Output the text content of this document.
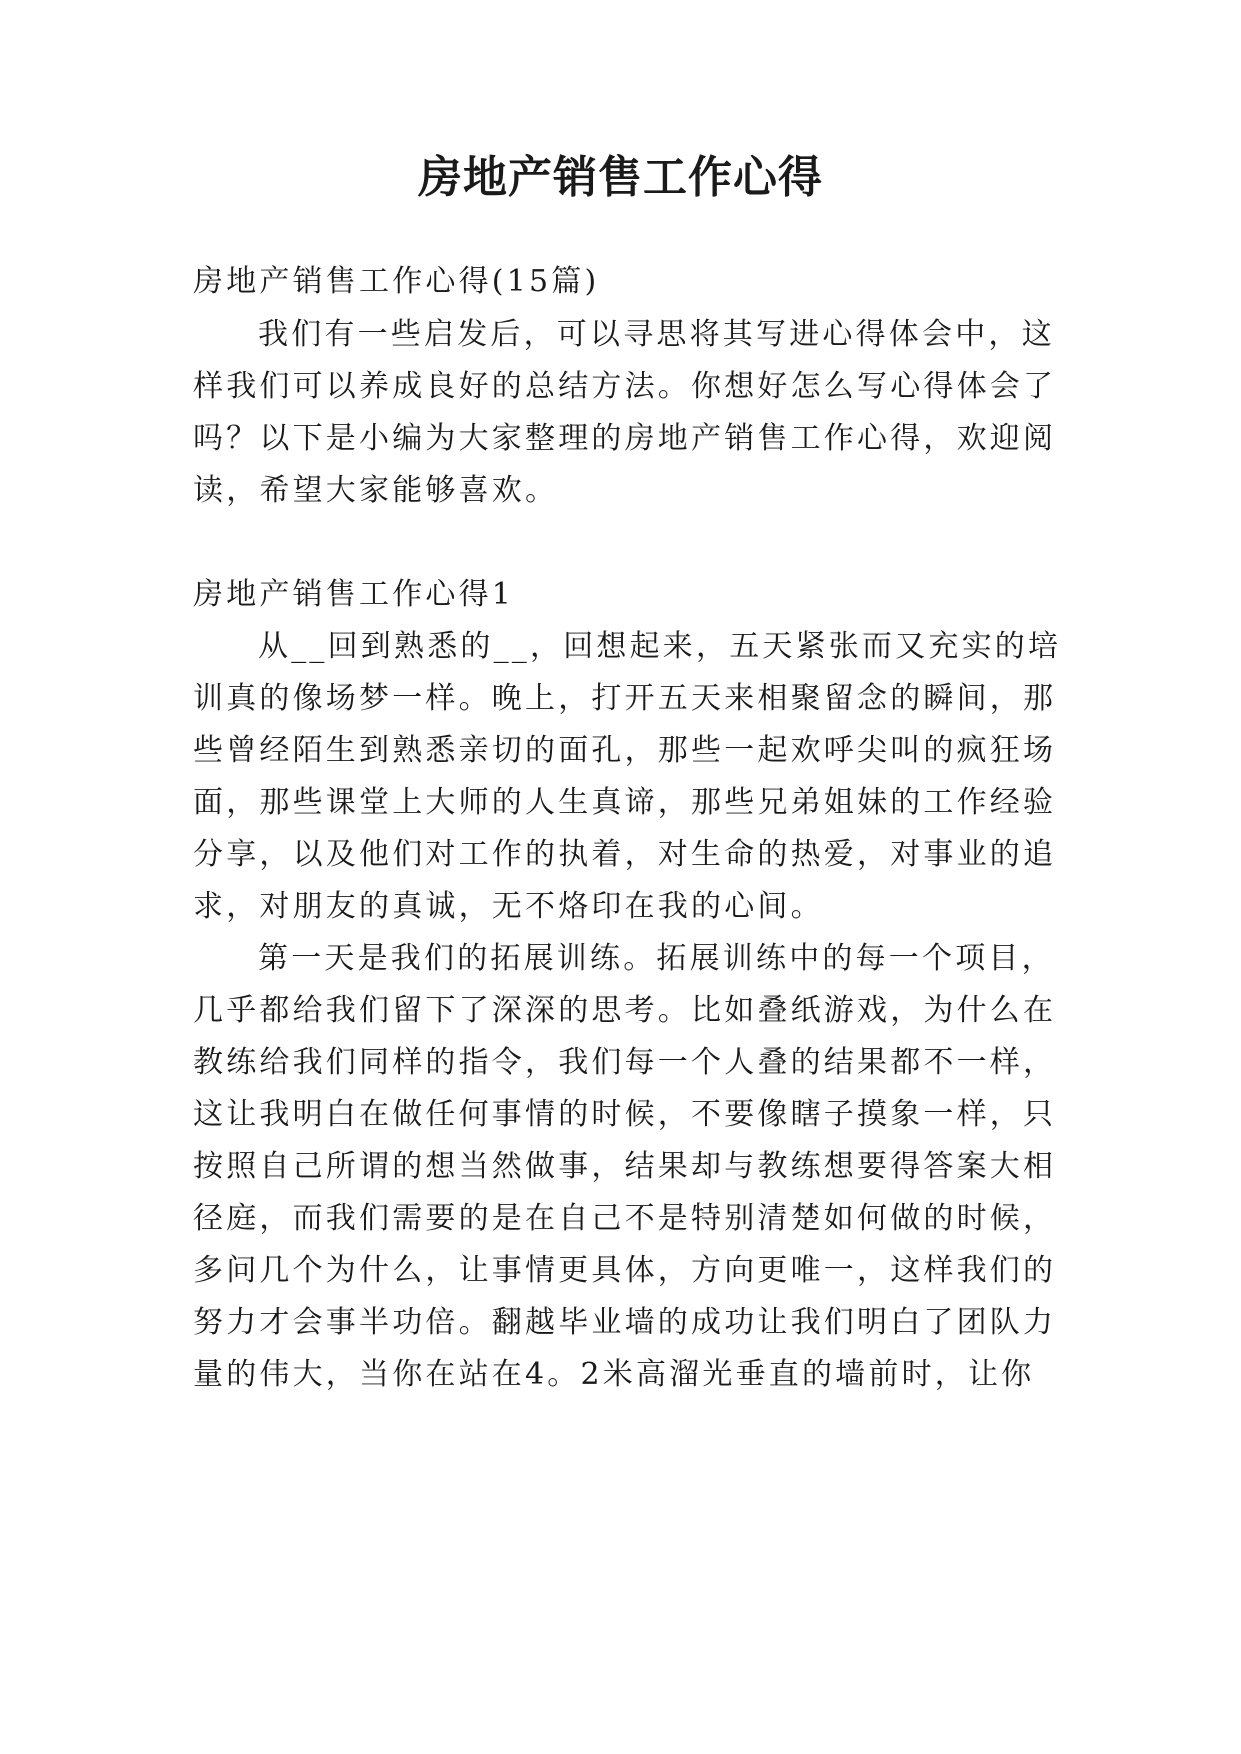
房地产销售工作心得

房地产销售工作心得(15篇)

我们有一些启发后，可以寻思将其写进心得体会中，这

样我们可以养成良好的总结方法。你想好怎么写心得体会了

吗？以下是小编为大家整理的房地产销售工作心得，欢迎阅

读，希望大家能够喜欢。

房地产销售工作心得1

从__回到熟悉的__，回想起来，五天紧张而又充实的培

训真的像场梦一样。晚上，打开五天来相聚留念的瞬间，那

些曾经陌生到熟悉亲切的面孔，那些一起欢呼尖叫的疯狂场

面，那些课堂上大师的人生真谛，那些兄弟姐妹的工作经验

分享，以及他们对工作的执着，对生命的热爱，对事业的追

求，对朋友的真诚，无不烙印在我的心间。

第一天是我们的拓展训练。拓展训练中的每一个项目，

几乎都给我们留下了深深的思考。比如叠纸游戏，为什么在

教练给我们同样的指令，我们每一个人叠的结果都不一样，

这让我明白在做任何事情的时候，不要像瞎子摸象一样，只

按照自己所谓的想当然做事，结果却与教练想要得答案大相

径庭，而我们需要的是在自己不是特别清楚如何做的时候，

多问几个为什么，让事情更具体，方向更唯一，这样我们的

努力才会事半功倍。翻越毕业墙的成功让我们明白了团队力

量的伟大，当你在站在4。2米高溜光垂直的墙前时，让你
